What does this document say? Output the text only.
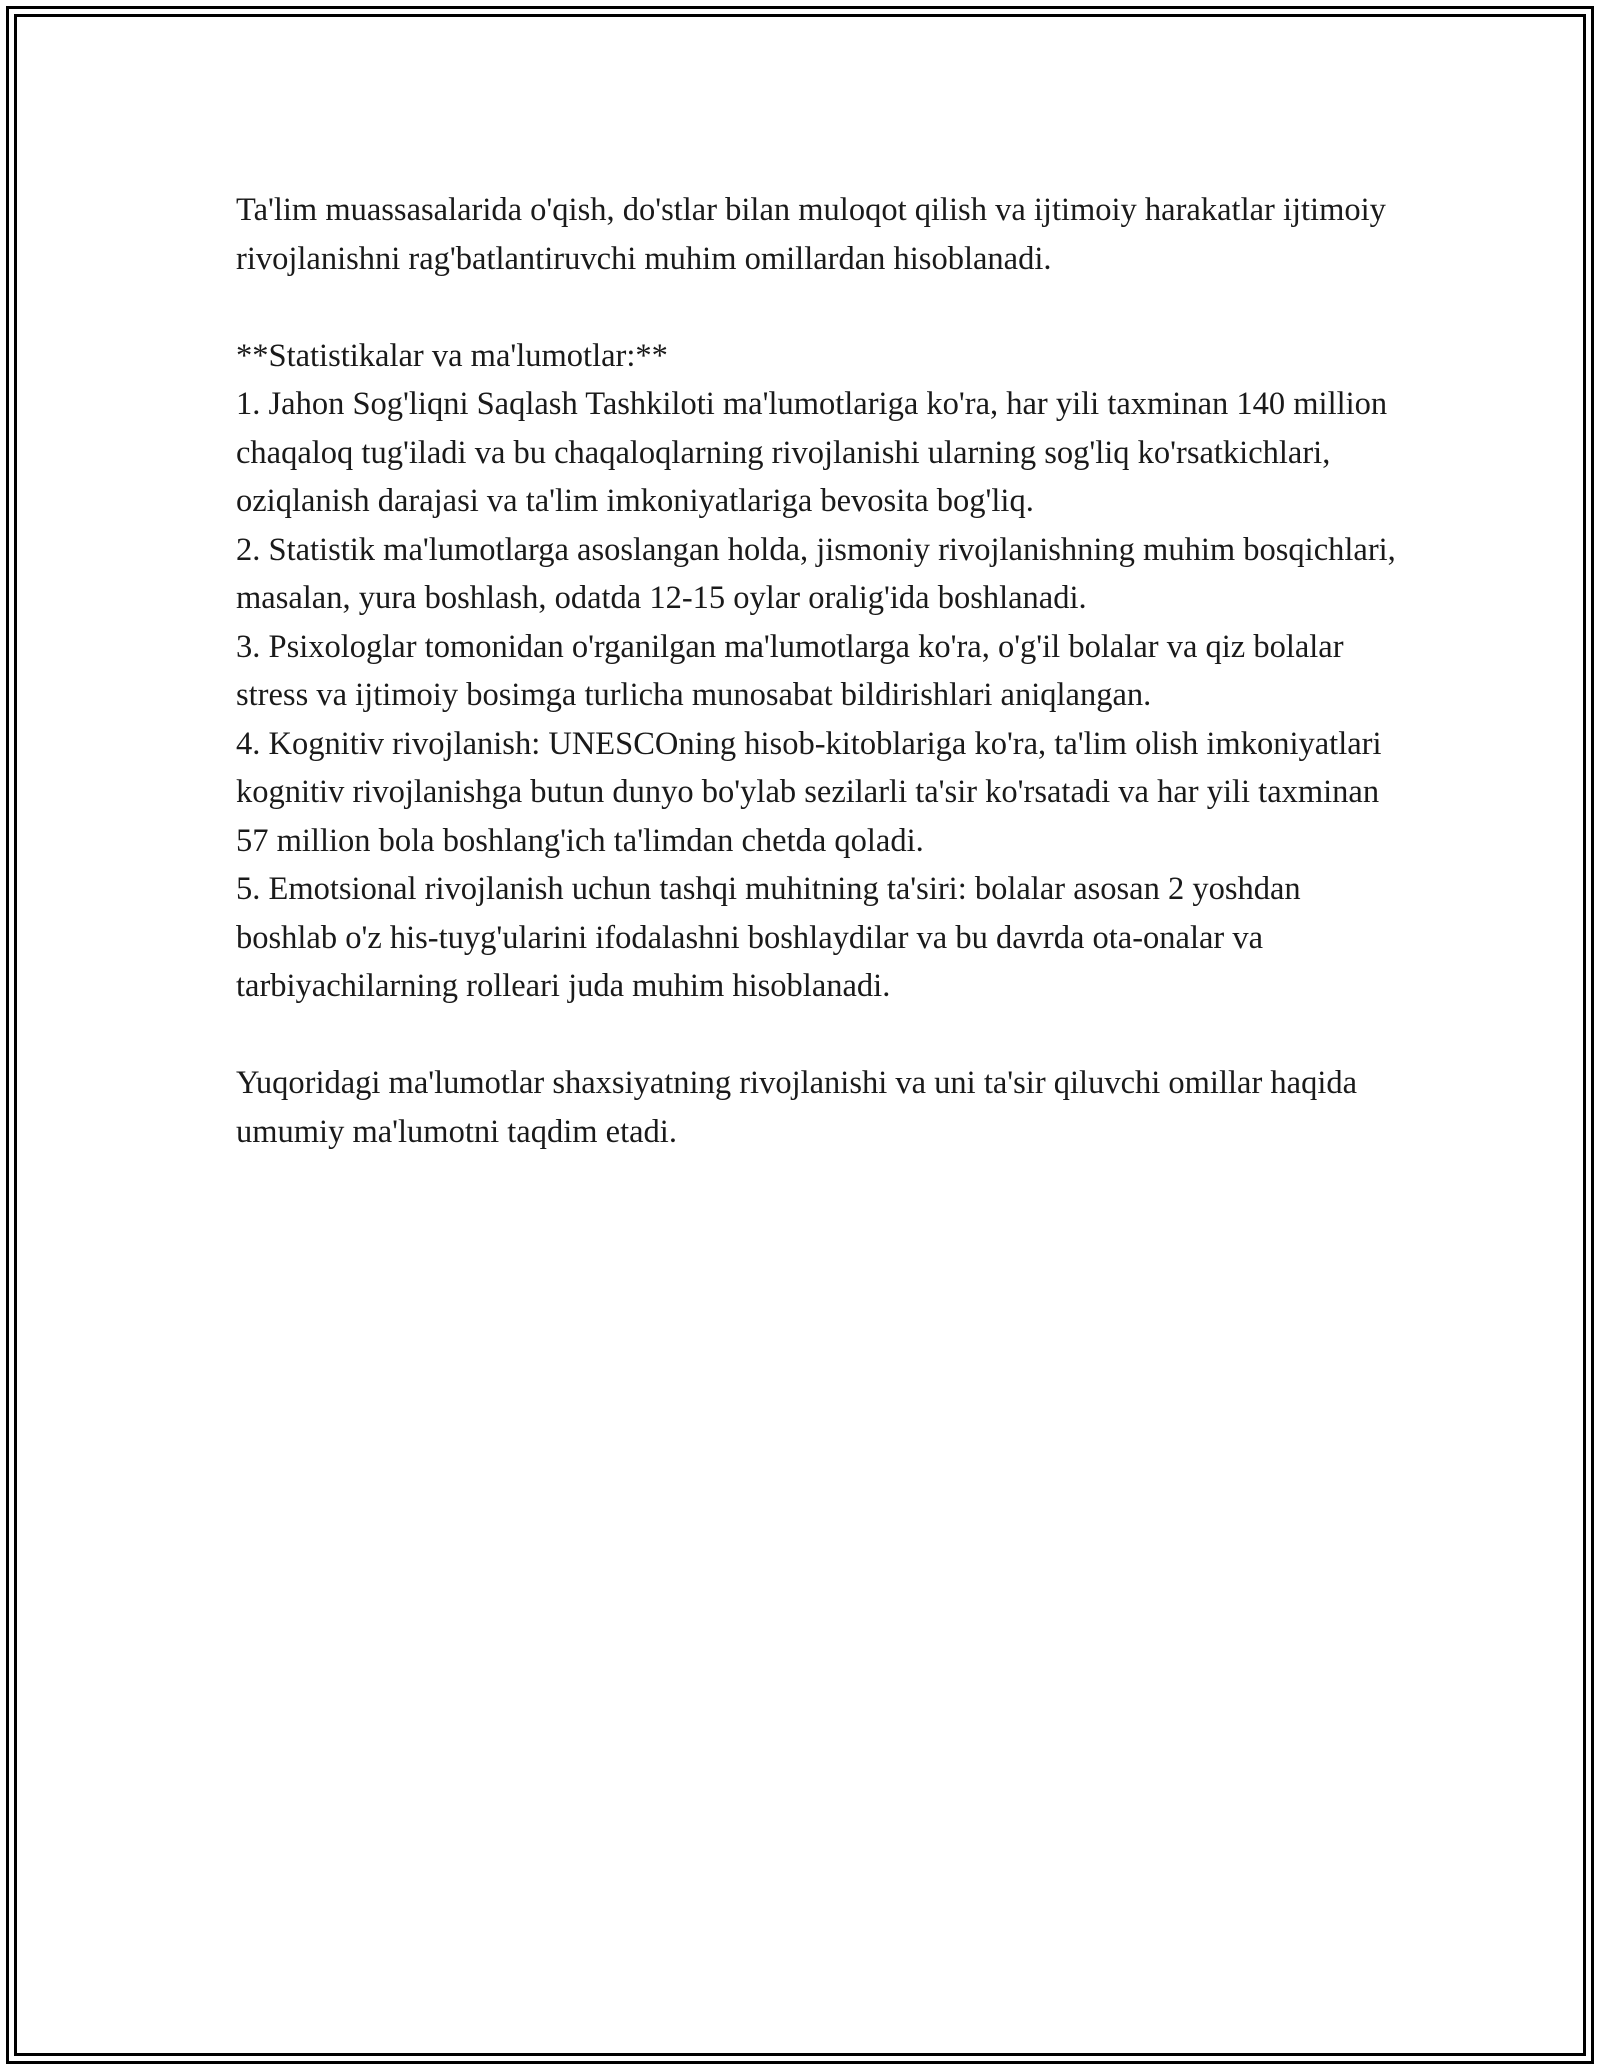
Ta'lim muassasalarida o'qish, do'stlar bilan muloqot qilish va ijtimoiy harakatlar ijtimoiy rivojlanishni rag'batlantiruvchi muhim omillardan hisoblanadi.

**Statistikalar va ma'lumotlar:**

1. Jahon Sog'liqni Saqlash Tashkiloti ma'lumotlariga ko'ra, har yili taxminan 140 million chaqaloq tug'iladi va bu chaqaloqlarning rivojlanishi ularning sog'liq ko'rsatkichlari, oziqlanish darajasi va ta'lim imkoniyatlariga bevosita bog'liq.

2. Statistik ma'lumotlarga asoslangan holda, jismoniy rivojlanishning muhim bosqichlari, masalan, yura boshlash, odatda 12-15 oylar oralig'ida boshlanadi.

3. Psixologlar tomonidan o'rganilgan ma'lumotlarga ko'ra, o'g'il bolalar va qiz bolalar stress va ijtimoiy bosimga turlicha munosabat bildirishlari aniqlangan.

4. Kognitiv rivojlanish: UNESCOning hisob-kitoblariga ko'ra, ta'lim olish imkoniyatlari kognitiv rivojlanishga butun dunyo bo'ylab sezilarli ta'sir ko'rsatadi va har yili taxminan 57 million bola boshlang'ich ta'limdan chetda qoladi.

5. Emotsional rivojlanish uchun tashqi muhitning ta'siri: bolalar asosan 2 yoshdan boshlab o'z his-tuyg'ularini ifodalashni boshlaydilar va bu davrda ota-onalar va tarbiyachilarning rolleari juda muhim hisoblanadi.

Yuqoridagi ma'lumotlar shaxsiyatning rivojlanishi va uni ta'sir qiluvchi omillar haqida umumiy ma'lumotni taqdim etadi.
